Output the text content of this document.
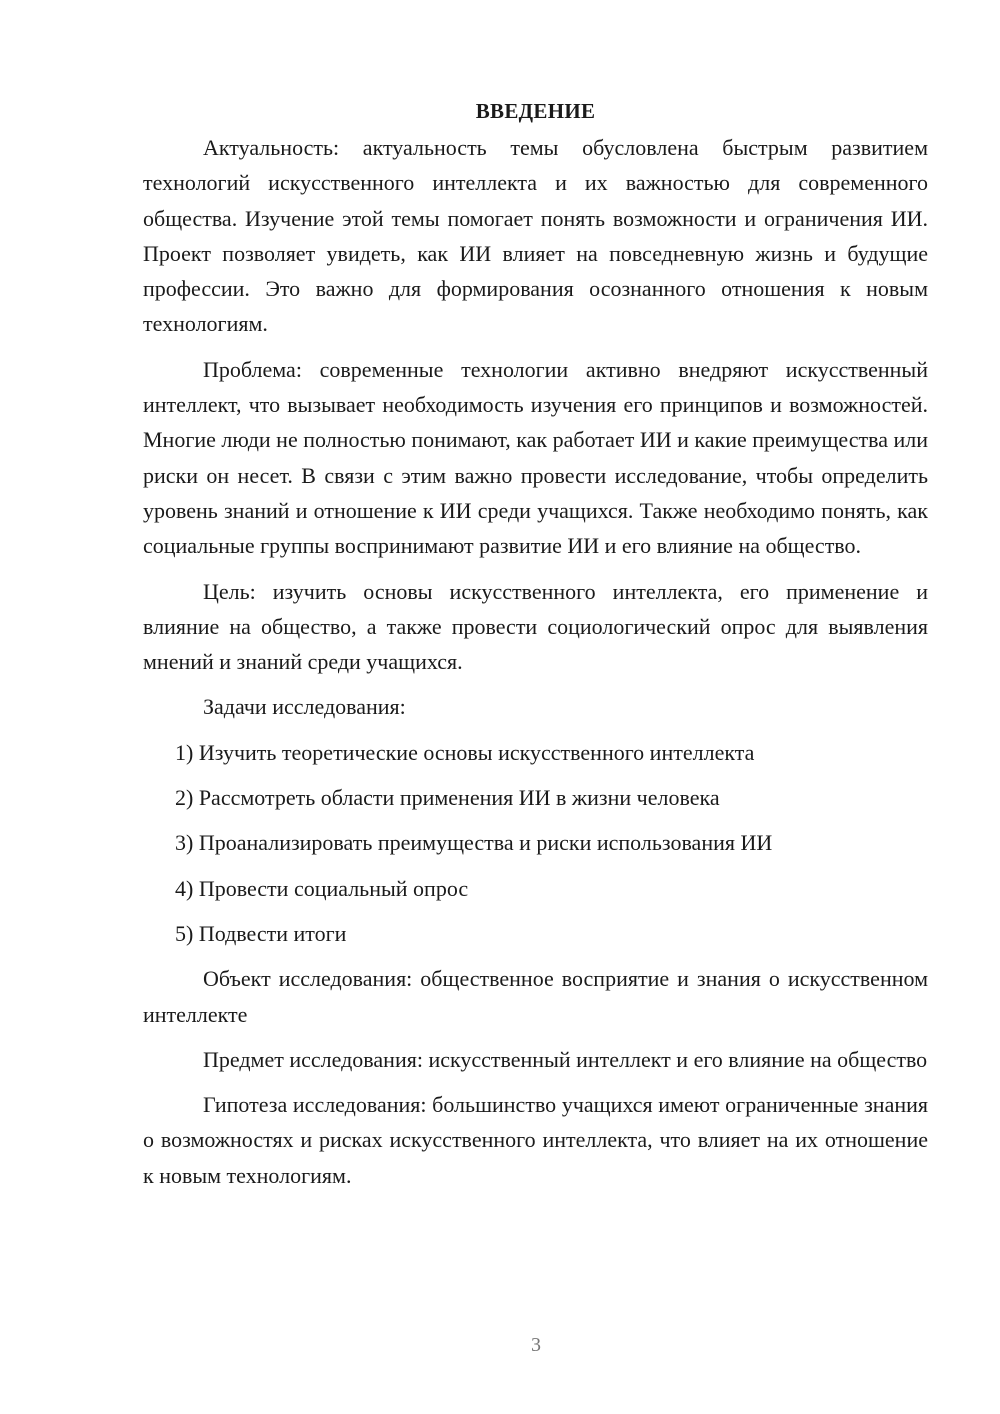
ВВЕДЕНИЕ

Актуальность: актуальность темы обусловлена быстрым развитием технологий искусственного интеллекта и их важностью для современного общества. Изучение этой темы помогает понять возможности и ограничения ИИ. Проект позволяет увидеть, как ИИ влияет на повседневную жизнь и будущие профессии. Это важно для формирования осознанного отношения к новым технологиям.

Проблема: современные технологии активно внедряют искусственный интеллект, что вызывает необходимость изучения его принципов и возможностей. Многие люди не полностью понимают, как работает ИИ и какие преимущества или риски он несет. В связи с этим важно провести исследование, чтобы определить уровень знаний и отношение к ИИ среди учащихся. Также необходимо понять, как социальные группы воспринимают развитие ИИ и его влияние на общество.

Цель: изучить основы искусственного интеллекта, его применение и влияние на общество, а также провести социологический опрос для выявления мнений и знаний среди учащихся.

Задачи исследования:

1) Изучить теоретические основы искусственного интеллекта
2) Рассмотреть области применения ИИ в жизни человека
3) Проанализировать преимущества и риски использования ИИ
4) Провести социальный опрос
5) Подвести итоги

Объект исследования: общественное восприятие и знания о искусственном интеллекте

Предмет исследования: искусственный интеллект и его влияние на общество

Гипотеза исследования: большинство учащихся имеют ограниченные знания о возможностях и рисках искусственного интеллекта, что влияет на их отношение к новым технологиям.

3
